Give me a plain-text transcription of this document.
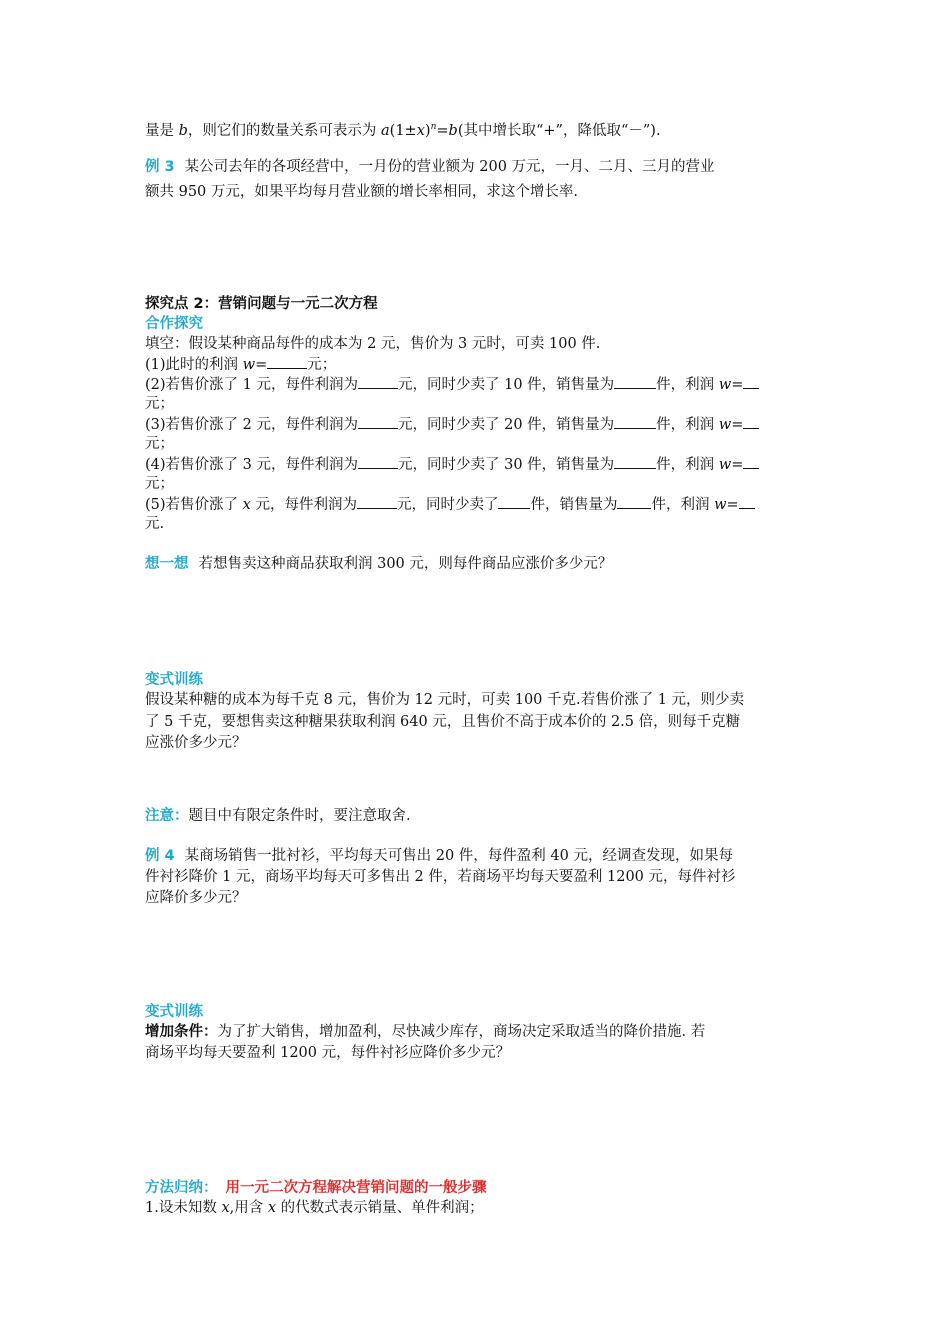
量是 b，则它们的数量关系可表示为 $a(1\pm x)^n=b$(其中增长取“+”，降低取“－”).
例 3 某公司去年的各项经营中，一月份的营业额为 200 万元，一月、二月、三月的营业
额共 950 万元，如果平均每月营业额的增长率相同，求这个增长率.
探究点 2：营销问题与一元二次方程
合作探究
填空：假设某种商品每件的成本为 2 元，售价为 3 元时，可卖 100 件.
(1)此时的利润 w=	元；
(2)若售价涨了 1 元，每件利润为	元，同时少卖了 10 件，销售量为	件，利润 w=
元；
(3)若售价涨了 2 元，每件利润为	元，同时少卖了 20 件，销售量为	件，利润 w=
元；
(4)若售价涨了 3 元，每件利润为	元，同时少卖了 30 件，销售量为	件，利润 w=
元；
(5)若售价涨了 x 元，每件利润为	元，同时少卖了 件，销售量为 件，利润 w=
元.
想一想 若想售卖这种商品获取利润 300 元，则每件商品应涨价多少元？
变式训练
假设某种糖的成本为每千克 8 元，售价为 12 元时，可卖 100 千克.若售价涨了 1 元，则少卖
了 5 千克，要想售卖这种糖果获取利润 640 元，且售价不高于成本价的 2.5 倍，则每千克糖
应涨价多少元？
注意：题目中有限定条件时，要注意取舍.
例 4 某商场销售一批衬衫，平均每天可售出 20 件，每件盈利 40 元，经调查发现，如果每
件衬衫降价 1 元，商场平均每天可多售出 2 件，若商场平均每天要盈利 1200 元，每件衬衫
应降价多少元？
变式训练
增加条件：为了扩大销售，增加盈利，尽快减少库存，商场决定采取适当的降价措施. 若
商场平均每天要盈利 1200 元，每件衬衫应降价多少元？
方法归纳： 用一元二次方程解决营销问题的一般步骤
1.设未知数 x,用含 x 的代数式表示销量、单件利润；
